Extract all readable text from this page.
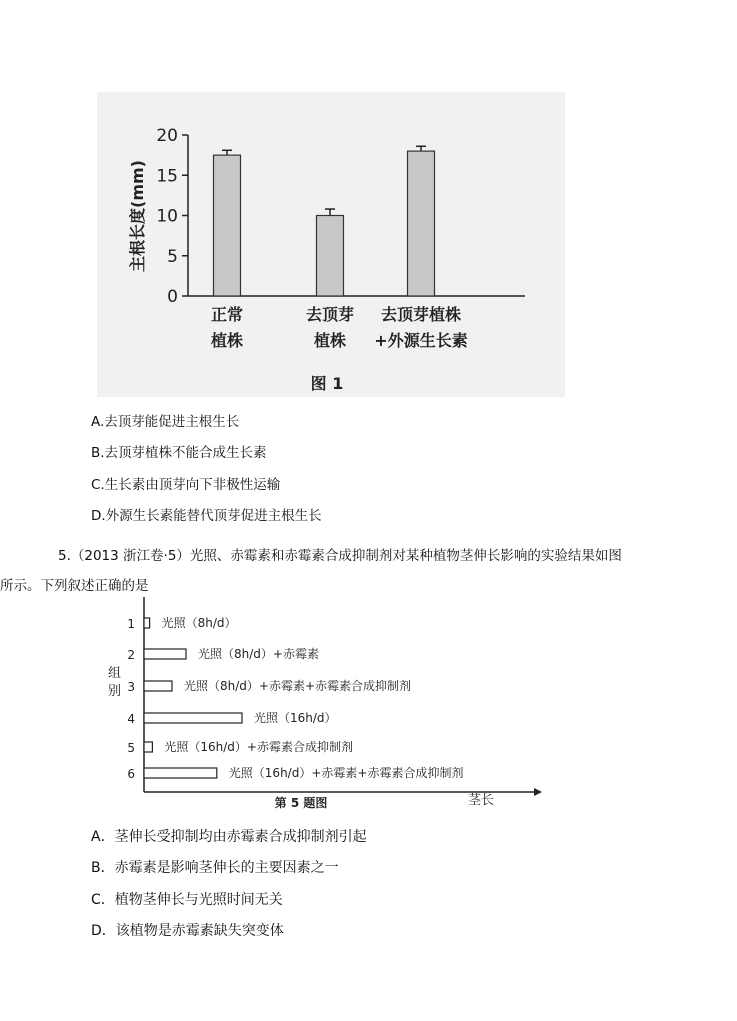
主根长度(mm)
0
5
10
15
20
正常
植株
去顶芽
植株
去顶芽植株
+外源生长素
图 1
A.去顶芽能促进主根生长
B.去顶芽植株不能合成生长素
C.生长素由顶芽向下非极性运输
D.外源生长素能替代顶芽促进主根生长
5.（2013 浙江卷·5）光照、赤霉素和赤霉素合成抑制剂对某种植物茎伸长影响的实验结果如图
所示。下列叙述正确的是
组
别
1 光照（8h/d）
2	光照（8h/d）+赤霉素
3	光照（8h/d）+赤霉素+赤霉素合成抑制剂
4	光照（16h/d）
5 光照（16h/d）+赤霉素合成抑制剂
6	光照（16h/d）+赤霉素+赤霉素合成抑制剂
第 5 题图	茎长
A．茎伸长受抑制均由赤霉素合成抑制剂引起
B．赤霉素是影响茎伸长的主要因素之一
C．植物茎伸长与光照时间无关
D．该植物是赤霉素缺失突变体
